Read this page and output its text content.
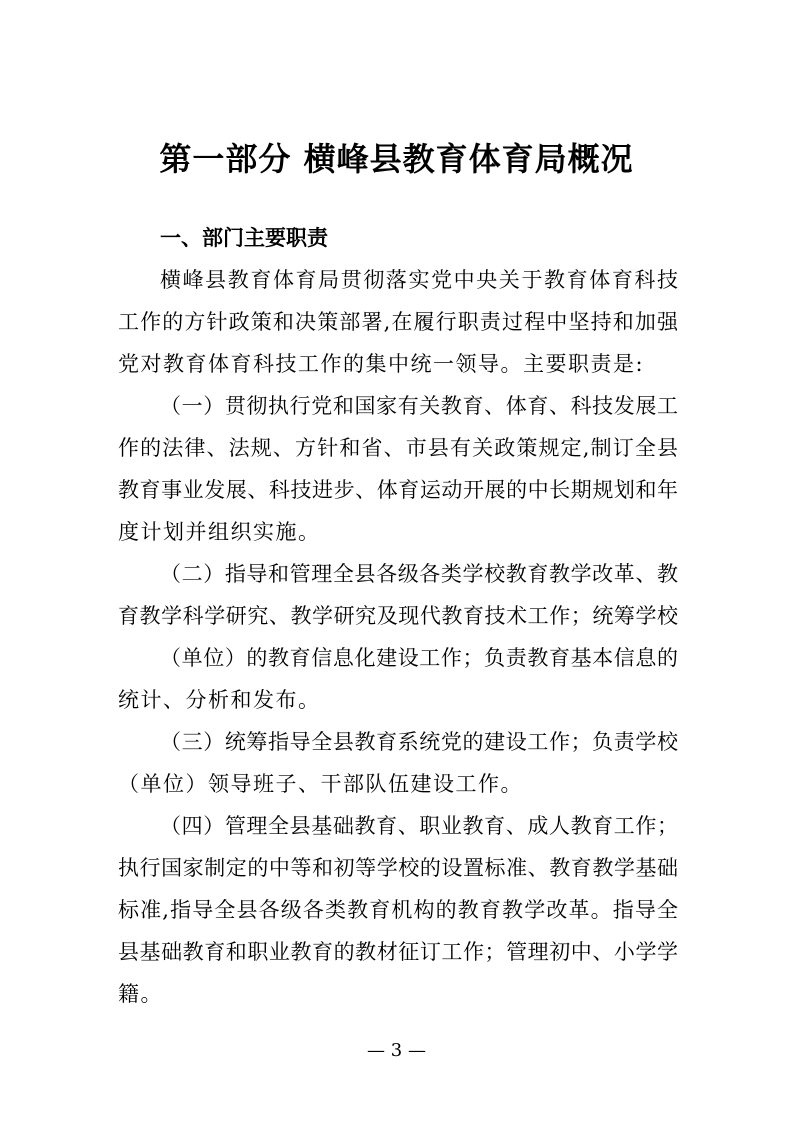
第一部分 横峰县教育体育局概况
一、部门主要职责
横峰县教育体育局贯彻落实党中央关于教育体育科技
工作的方针政策和决策部署,在履行职责过程中坚持和加强
党对教育体育科技工作的集中统一领导。主要职责是:
（一）贯彻执行党和国家有关教育、体育、科技发展工
作的法律、法规、方针和省、市县有关政策规定,制订全县
教育事业发展、科技进步、体育运动开展的中长期规划和年
度计划并组织实施。
（二）指导和管理全县各级各类学校教育教学改革、教
育教学科学研究、教学研究及现代教育技术工作；统筹学校
（单位）的教育信息化建设工作；负责教育基本信息的
统计、分析和发布。
（三）统筹指导全县教育系统党的建设工作；负责学校
（单位）领导班子、干部队伍建设工作。
（四）管理全县基础教育、职业教育、成人教育工作；
执行国家制定的中等和初等学校的设置标准、教育教学基础
标准,指导全县各级各类教育机构的教育教学改革。指导全
县基础教育和职业教育的教材征订工作；管理初中、小学学
籍。
— 3 —
